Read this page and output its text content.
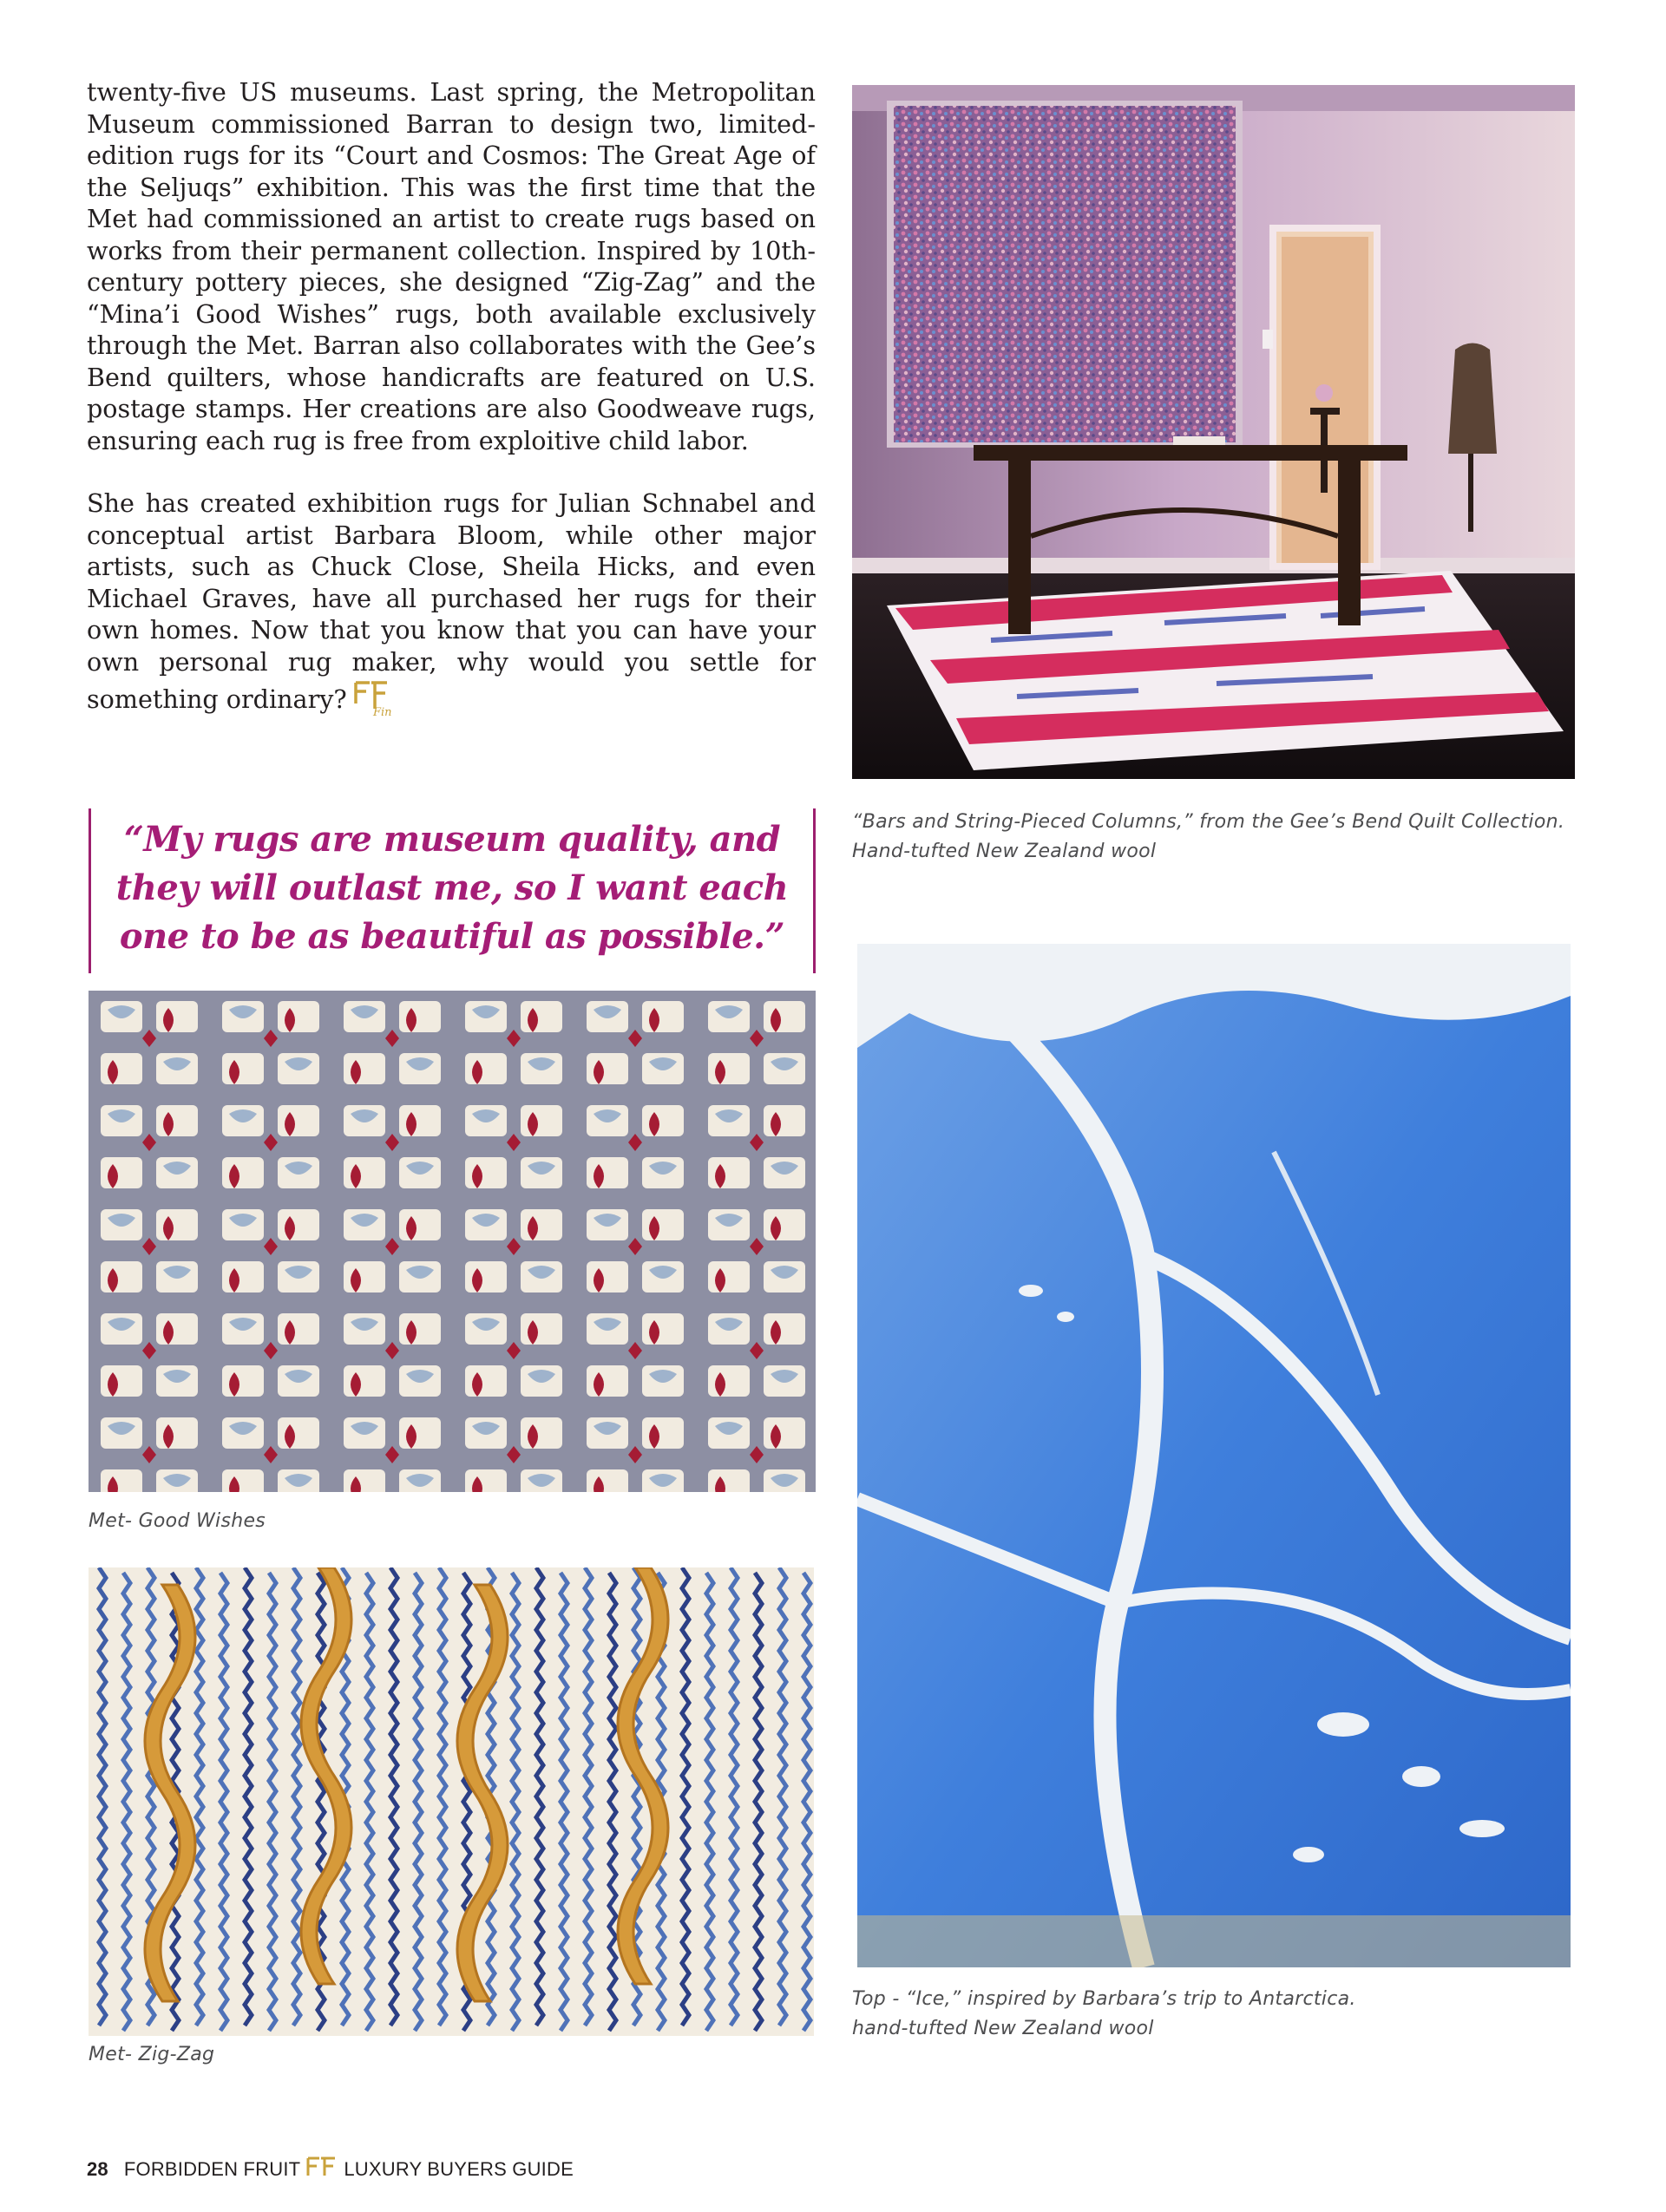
twenty-five US museums. Last spring, the Metropolitan Museum commissioned Barran to design two, limited-edition rugs for its “Court and Cosmos: The Great Age of the Seljuqs” exhibition. This was the first time that the Met had commissioned an artist to create rugs based on works from their permanent collection. Inspired by 10th-century pottery pieces, she designed “Zig-Zag” and the “Mina’i Good Wishes” rugs, both available exclusively through the Met. Barran also collaborates with the Gee’s Bend quilters, whose handicrafts are featured on U.S. postage stamps. Her creations are also Goodweave rugs, ensuring each rug is free from exploitive child labor.

She has created exhibition rugs for Julian Schnabel and conceptual artist Barbara Bloom, while other major artists, such as Chuck Close, Sheila Hicks, and even Michael Graves, have all purchased her rugs for their own homes. Now that you know that you can have your own personal rug maker, why would you settle for something ordinary? Fin

“Bars and String-Pieced Columns,” from the Gee’s Bend Quilt Collection.
Hand-tufted New Zealand wool
“My rugs are museum quality, and they will outlast me, so I want each one to be as beautiful as possible.”
Met- Good Wishes
Met- Zig-Zag
Top - “Ice,” inspired by Barbara’s trip to Antarctica.
hand-tufted New Zealand wool
28 FORBIDDEN FRUIT LUXURY BUYERS GUIDE
